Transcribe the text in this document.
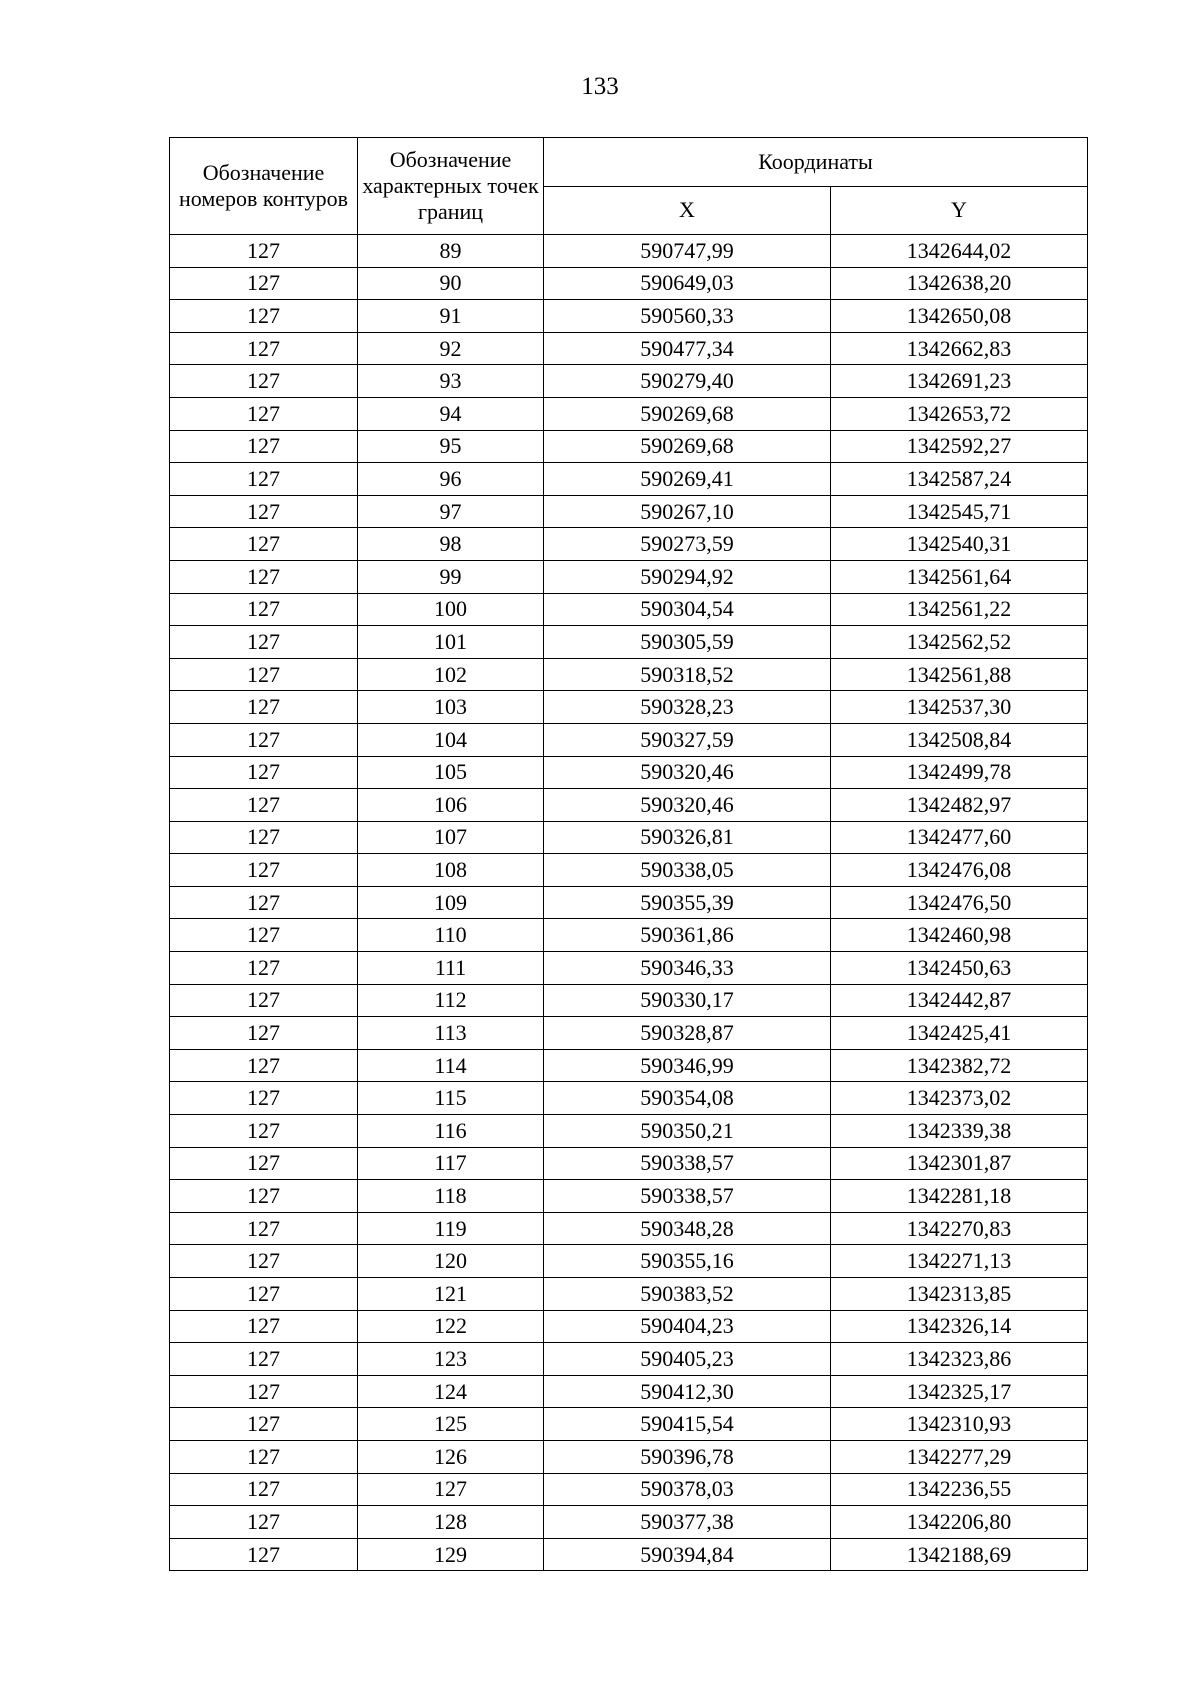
133
Обозначение номеров контуров	Обозначение характерных точек границ	Координаты	
		X	Y
127	89	590747,99	1342644,02
127	90	590649,03	1342638,20
127	91	590560,33	1342650,08
127	92	590477,34	1342662,83
127	93	590279,40	1342691,23
127	94	590269,68	1342653,72
127	95	590269,68	1342592,27
127	96	590269,41	1342587,24
127	97	590267,10	1342545,71
127	98	590273,59	1342540,31
127	99	590294,92	1342561,64
127	100	590304,54	1342561,22
127	101	590305,59	1342562,52
127	102	590318,52	1342561,88
127	103	590328,23	1342537,30
127	104	590327,59	1342508,84
127	105	590320,46	1342499,78
127	106	590320,46	1342482,97
127	107	590326,81	1342477,60
127	108	590338,05	1342476,08
127	109	590355,39	1342476,50
127	110	590361,86	1342460,98
127	111	590346,33	1342450,63
127	112	590330,17	1342442,87
127	113	590328,87	1342425,41
127	114	590346,99	1342382,72
127	115	590354,08	1342373,02
127	116	590350,21	1342339,38
127	117	590338,57	1342301,87
127	118	590338,57	1342281,18
127	119	590348,28	1342270,83
127	120	590355,16	1342271,13
127	121	590383,52	1342313,85
127	122	590404,23	1342326,14
127	123	590405,23	1342323,86
127	124	590412,30	1342325,17
127	125	590415,54	1342310,93
127	126	590396,78	1342277,29
127	127	590378,03	1342236,55
127	128	590377,38	1342206,80
127	129	590394,84	1342188,69
